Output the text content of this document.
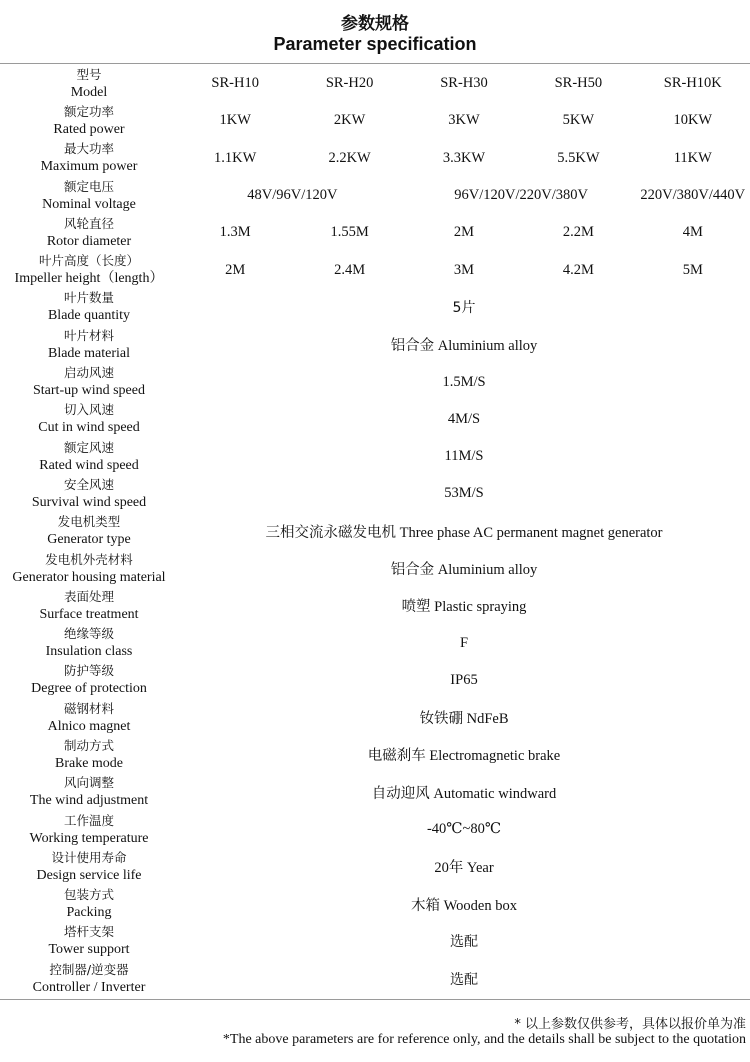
参数规格
Parameter specification
型号
Model	SR-H10	SR-H20	SR-H30	SR-H50	SR-H10K

额定功率
Rated power	1KW	2KW	3KW	5KW	10KW

最大功率
Maximum power	1.1KW	2.2KW	3.3KW	5.5KW	11KW

额定电压
Nominal voltage	48V/96V/120V		96V/120V/220V/380V		220V/380V/440V

风轮直径
Rotor diameter	1.3M	1.55M	2M	2.2M	4M

叶片高度（长度）
Impeller height（length）	2M	2.4M	3M	4.2M	5M

叶片数量
Blade quantity	5片				

叶片材料
Blade material	铝合金 Aluminium alloy				

启动风速
Start-up wind speed	1.5M/S				

切入风速
Cut in wind speed	4M/S				

额定风速
Rated wind speed	11M/S				

安全风速
Survival wind speed	53M/S				

发电机类型
Generator type	三相交流永磁发电机 Three phase AC permanent magnet generator				

发电机外壳材料
Generator housing material	铝合金 Aluminium alloy				

表面处理
Surface treatment	喷塑 Plastic spraying				

绝缘等级
Insulation class	F				

防护等级
Degree of protection	IP65				

磁钢材料
Alnico magnet	钕铁硼 NdFeB				

制动方式
Brake mode	电磁刹车 Electromagnetic brake				

风向调整
The wind adjustment	自动迎风 Automatic windward				

工作温度
Working temperature	-40℃~80℃				

设计使用寿命
Design service life	20年 Year				

包装方式
Packing	木箱 Wooden box				

塔杆支架
Tower support	选配				

控制器/逆变器
Controller / Inverter	选配				
* 以上参数仅供参考，具体以报价单为准
*The above parameters are for reference only, and the details shall be subject to the quotation
